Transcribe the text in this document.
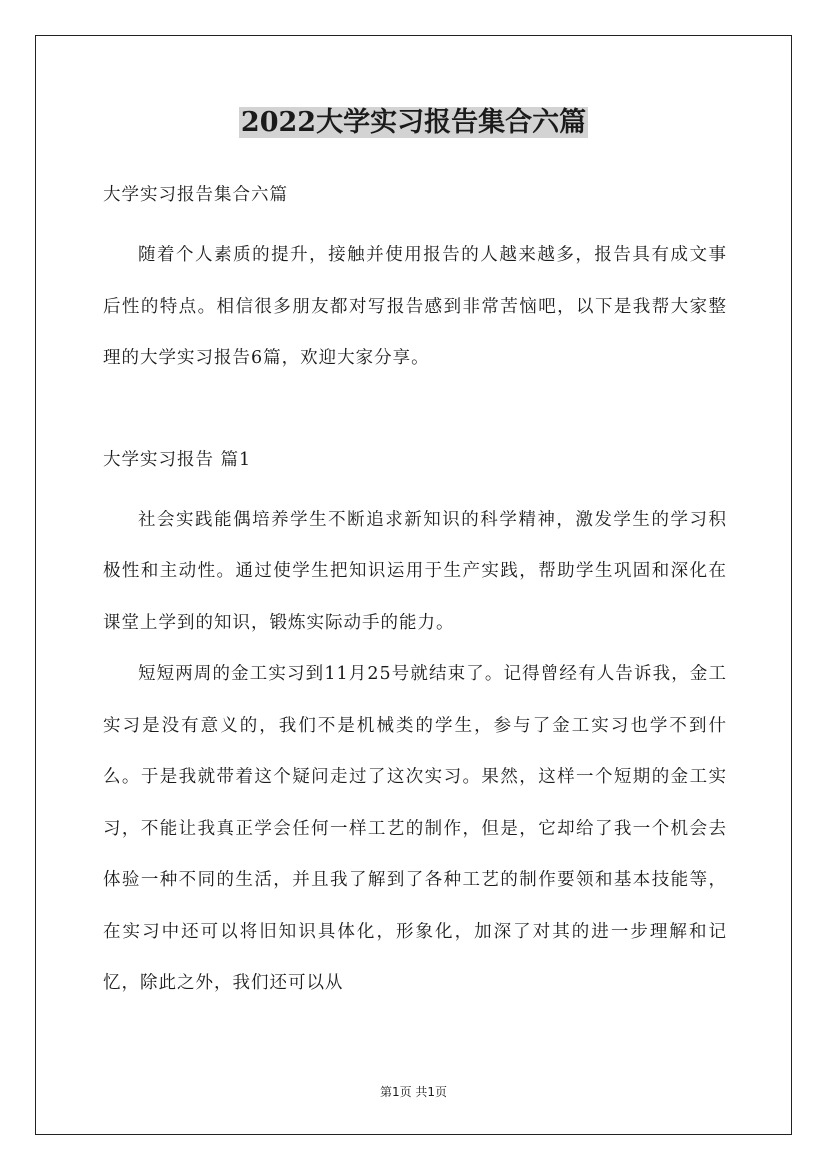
2022大学实习报告集合六篇
大学实习报告集合六篇

随着个人素质的提升，接触并使用报告的人越来越多，报告具有成文事后性的特点。相信很多朋友都对写报告感到非常苦恼吧，以下是我帮大家整理的大学实习报告6篇，欢迎大家分享。

大学实习报告 篇1

社会实践能偶培养学生不断追求新知识的科学精神，激发学生的学习积极性和主动性。通过使学生把知识运用于生产实践，帮助学生巩固和深化在课堂上学到的知识，锻炼实际动手的能力。

短短两周的金工实习到11月25号就结束了。记得曾经有人告诉我，金工实习是没有意义的，我们不是机械类的学生，参与了金工实习也学不到什么。于是我就带着这个疑问走过了这次实习。果然，这样一个短期的金工实习，不能让我真正学会任何一样工艺的制作，但是，它却给了我一个机会去体验一种不同的生活，并且我了解到了各种工艺的制作要领和基本技能等，在实习中还可以将旧知识具体化，形象化，加深了对其的进一步理解和记忆，除此之外，我们还可以从

第1页 共1页
